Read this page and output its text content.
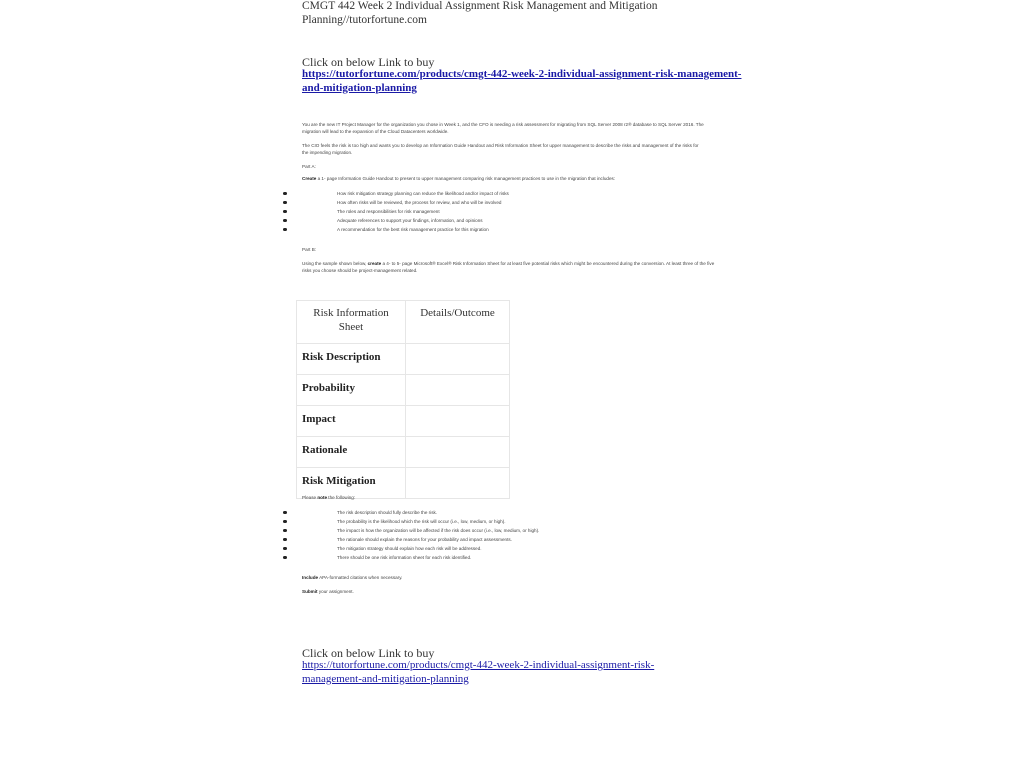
CMGT 442 Week 2 Individual Assignment Risk Management and Mitigation Planning//tutorfortune.com
Click on below Link to buy
https://tutorfortune.com/products/cmgt-442-week-2-individual-assignment-risk-management-and-mitigation-planning
You are the new IT Project Manager for the organization you chose in Week 1, and the CFO is needing a risk assessment for migrating from SQL Server 2008 r2® database to SQL Server 2016. The migration will lead to the expansion of the Cloud Datacenters worldwide.
The CIO feels the risk is too high and wants you to develop an Information Guide Handout and Risk Information Sheet for upper management to describe the risks and management of the risks for the impending migration.
Part A:
Create a 1- page Information Guide Handout to present to upper management comparing risk management practices to use in the migration that includes:
How risk mitigation strategy planning can reduce the likelihood and/or impact of risks
How often risks will be reviewed, the process for review, and who will be involved
The roles and responsibilities for risk management
Adequate references to support your findings, information, and opinions
A recommendation for the best risk management practice for this migration
Part B:
Using the sample shown below, create a 4- to 5- page Microsoft® Excel® Risk Information Sheet for at least five potential risks which might be encountered during the conversion. At least three of the five risks you choose should be project-management related.
Risk Information Sheet	Details/Outcome
Risk Description	
Probability	
Impact	
Rationale	
Risk Mitigation	
Please note the following:
The risk description should fully describe the risk.
The probability is the likelihood which the risk will occur (i.e., low, medium, or high).
The impact is how the organization will be affected if the risk does occur (i.e., low, medium, or high).
The rationale should explain the reasons for your probability and impact assessments.
The mitigation strategy should explain how each risk will be addressed.
There should be one risk information sheet for each risk identified.
Include APA-formatted citations when necessary.
Submit your assignment.
Click on below Link to buy
https://tutorfortune.com/products/cmgt-442-week-2-individual-assignment-risk-management-and-mitigation-planning
